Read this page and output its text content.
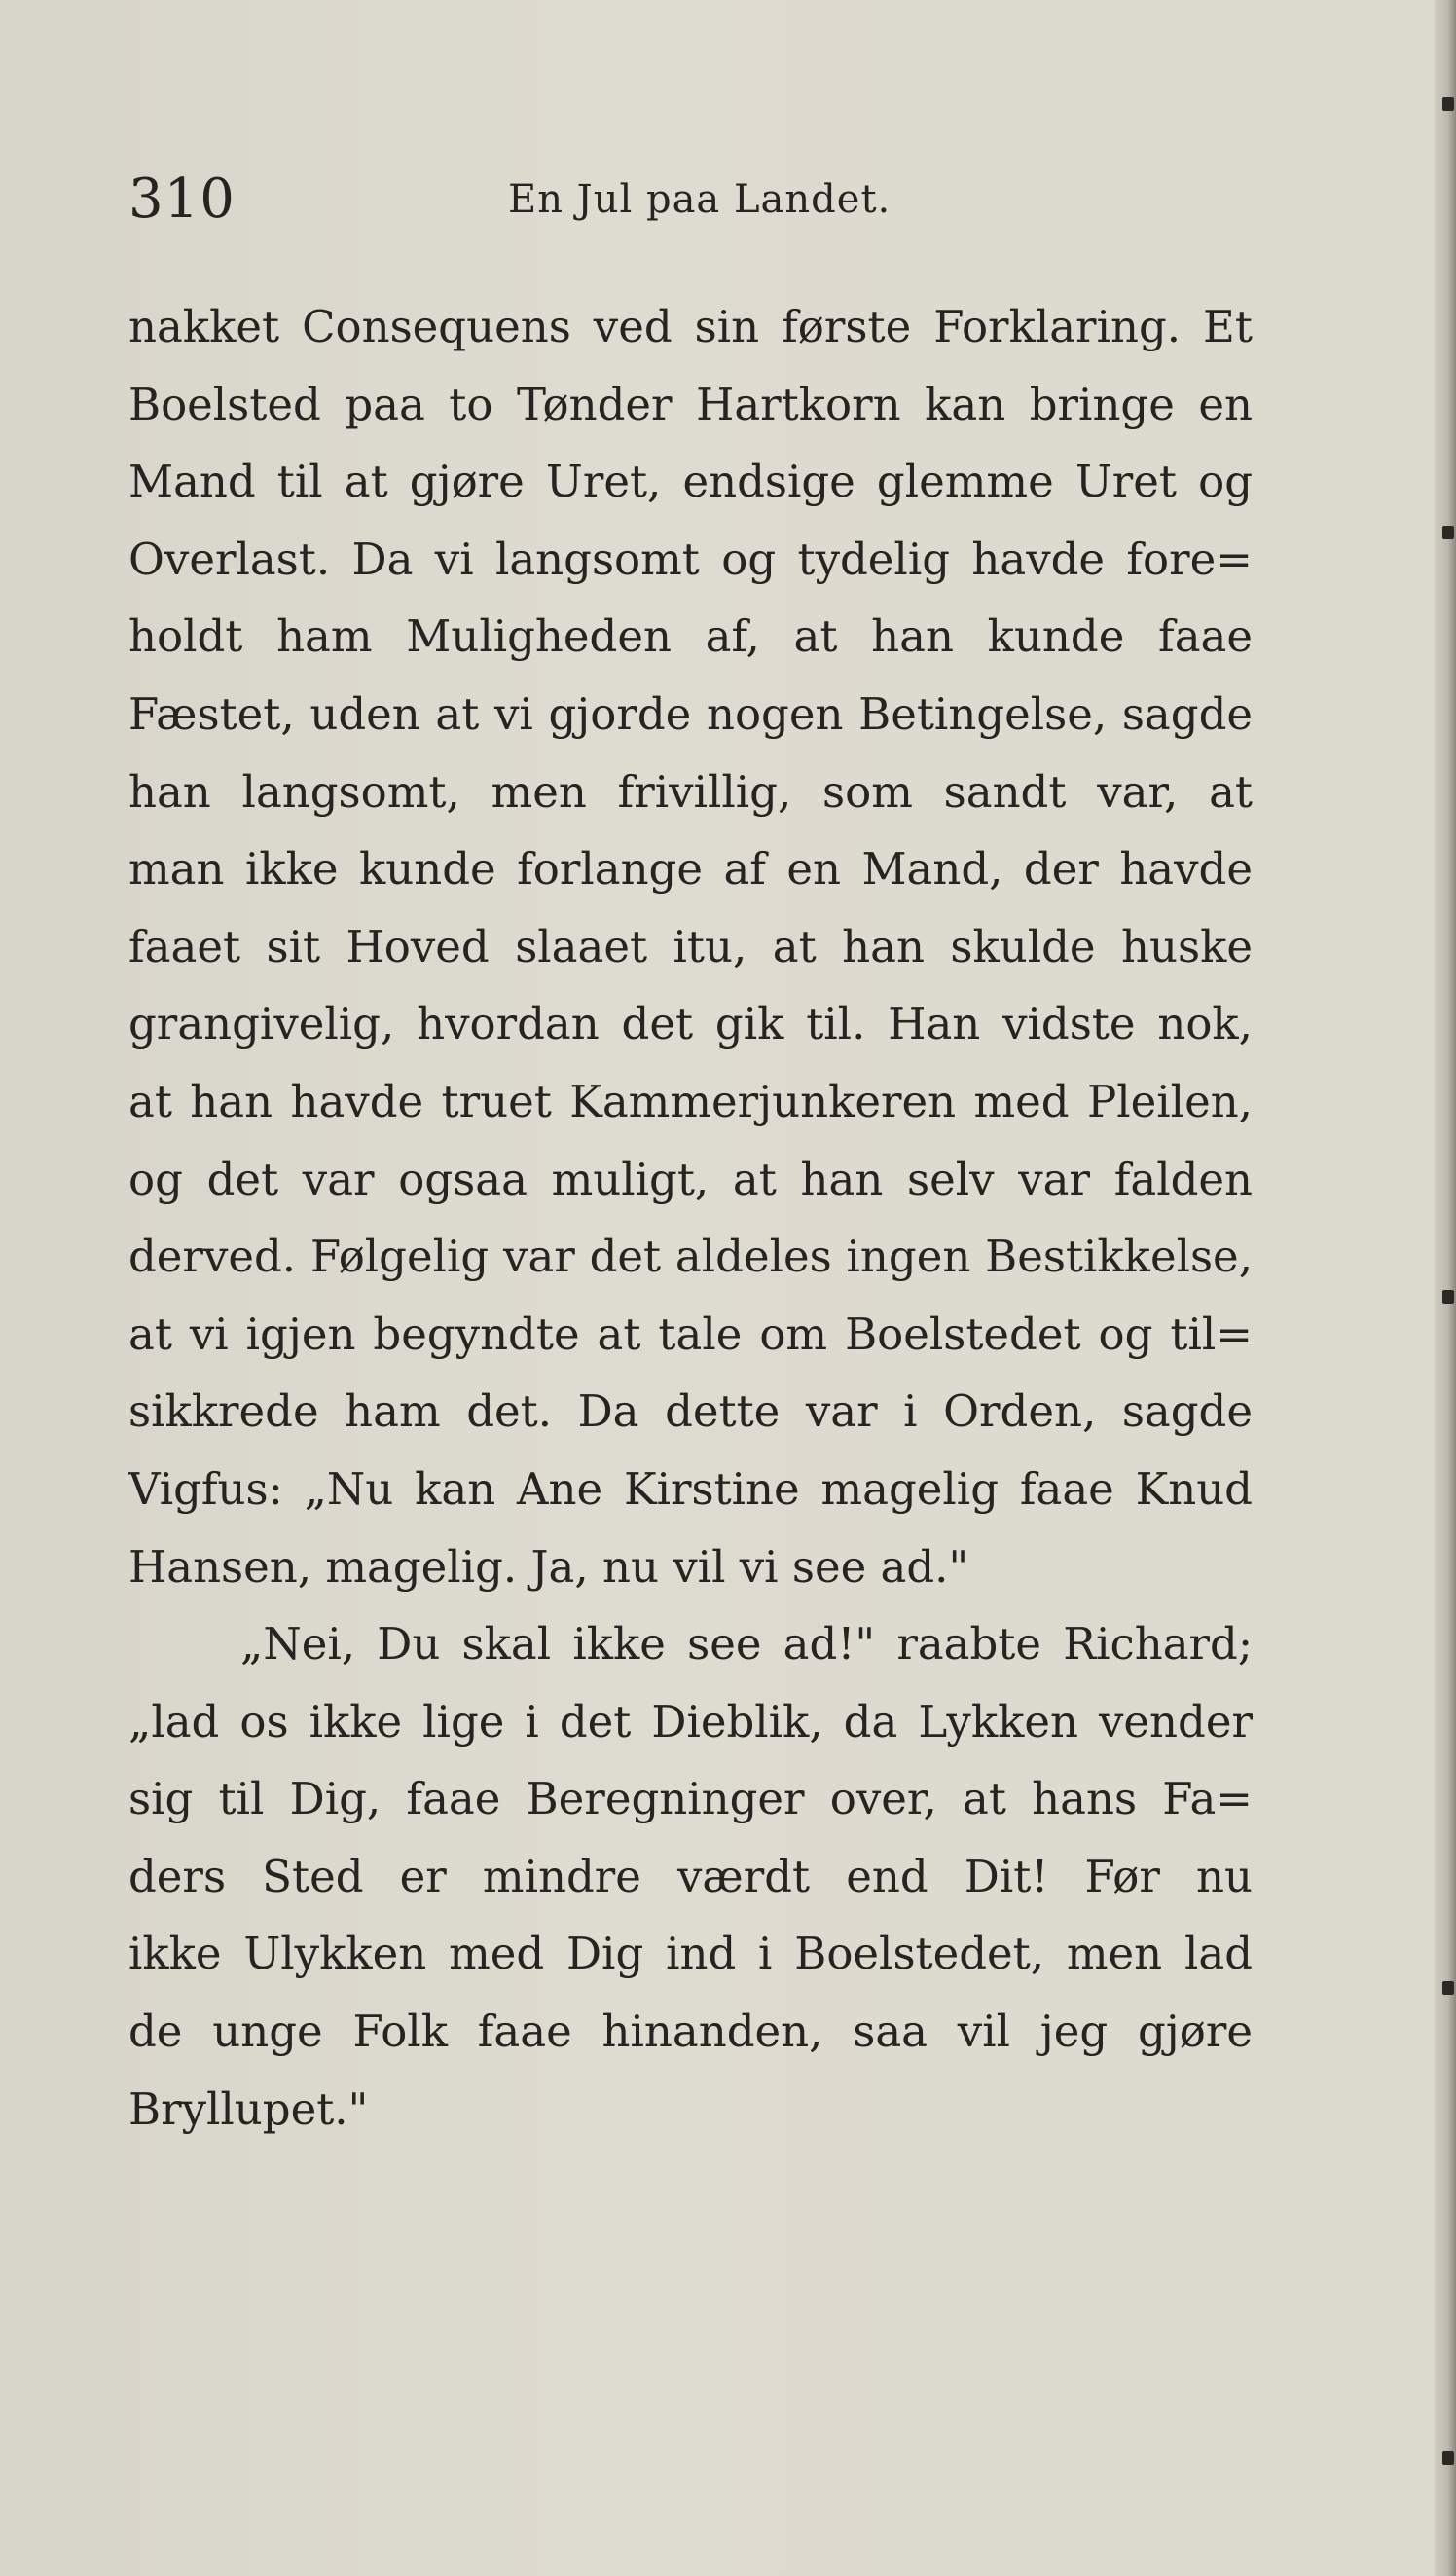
310	En Jul paa Landet.
nakket Consequens ved sin første Forklaring. Et
Boelsted paa to Tønder Hartkorn kan bringe en
Mand til at gjøre Uret, endsige glemme Uret og
Overlast. Da vi langsomt og tydelig havde fore=
holdt ham Muligheden af, at han kunde faae
Fæstet, uden at vi gjorde nogen Betingelse, sagde
han langsomt, men frivillig, som sandt var, at
man ikke kunde forlange af en Mand, der havde
faaet sit Hoved slaaet itu, at han skulde huske
grangivelig, hvordan det gik til. Han vidste nok,
at han havde truet Kammerjunkeren med Pleilen,
og det var ogsaa muligt, at han selv var falden
derved. Følgelig var det aldeles ingen Bestikkelse,
at vi igjen begyndte at tale om Boelstedet og til=
sikkrede ham det. Da dette var i Orden, sagde
Vigfus: „Nu kan Ane Kirstine magelig faae Knud
Hansen, magelig. Ja, nu vil vi see ad."
„Nei, Du skal ikke see ad!" raabte Richard;
„lad os ikke lige i det Dieblik, da Lykken vender
sig til Dig, faae Beregninger over, at hans Fa=
ders Sted er mindre værdt end Dit! Før nu
ikke Ulykken med Dig ind i Boelstedet, men lad
de unge Folk faae hinanden, saa vil jeg gjøre
Bryllupet."
